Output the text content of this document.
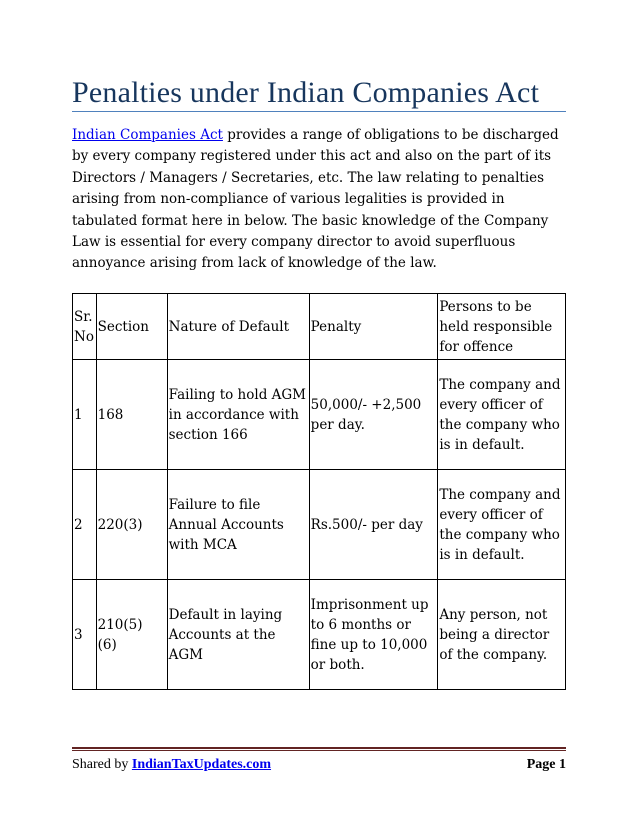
Penalties under Indian Companies Act

Indian Companies Act provides a range of obligations to be discharged by every company registered under this act and also on the part of its Directors / Managers / Secretaries, etc. The law relating to penalties arising from non-compliance of various legalities is provided in tabulated format here in below. The basic knowledge of the Company Law is essential for every company director to avoid superfluous annoyance arising from lack of knowledge of the law.

Sr. No	Section	Nature of Default	Penalty	Persons to be held responsible for offence
1	168	Failing to hold AGM in accordance with section 166	50,000/- +2,500 per day.	The company and every officer of the company who is in default.
2	220(3)	Failure to file Annual Accounts with MCA	Rs.500/- per day	The company and every officer of the company who is in default.
3	210(5) (6)	Default in laying Accounts at the AGM	Imprisonment up to 6 months or fine up to 10,000 or both.	Any person, not being a director of the company.
Shared by IndianTaxUpdates.com	Page 1
